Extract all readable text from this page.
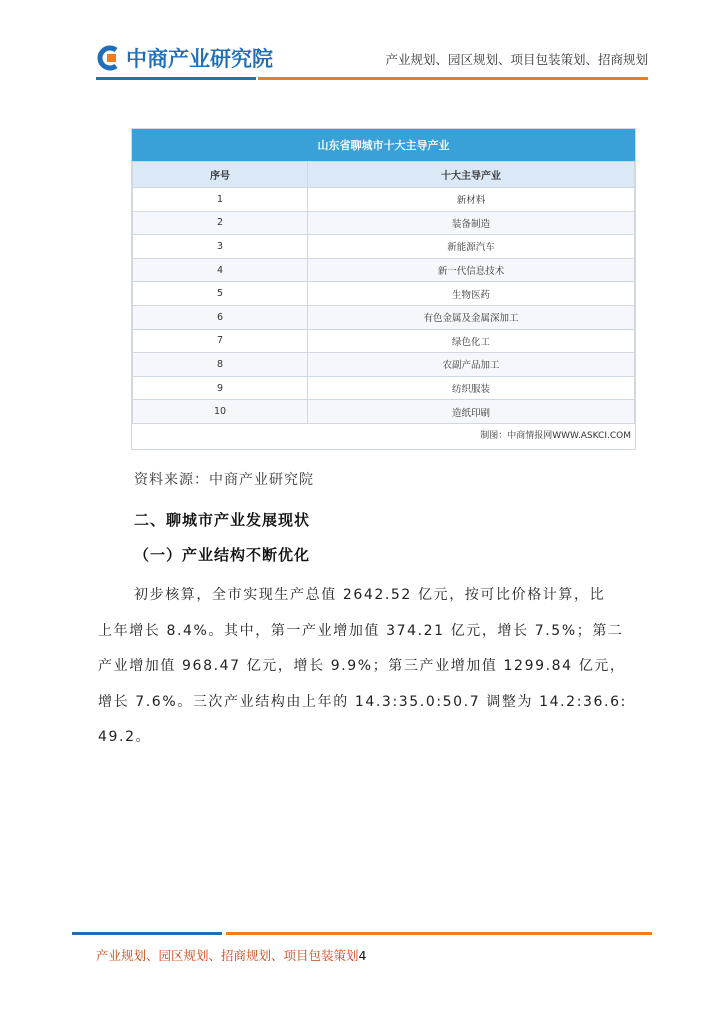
中商产业研究院	产业规划、园区规划、项目包装策划、招商规划
山东省聊城市十大主导产业
序号	十大主导产业
1	新材料
2	装备制造
3	新能源汽车
4	新一代信息技术
5	生物医药
6	有色金属及金属深加工
7	绿色化工
8	农副产品加工
9	纺织服装
10	造纸印刷
制图：中商情报网WWW.ASKCI.COM
资料来源：中商产业研究院
二、聊城市产业发展现状
（一）产业结构不断优化
初步核算，全市实现生产总值 2642.52 亿元，按可比价格计算，比
上年增长 8.4%。其中，第一产业增加值 374.21 亿元，增长 7.5%；第二
产业增加值 968.47 亿元，增长 9.9%；第三产业增加值 1299.84 亿元，
增长 7.6%。三次产业结构由上年的 14.3:35.0:50.7 调整为 14.2:36.6:
49.2。
产业规划、园区规划、招商规划、项目包装策划4
